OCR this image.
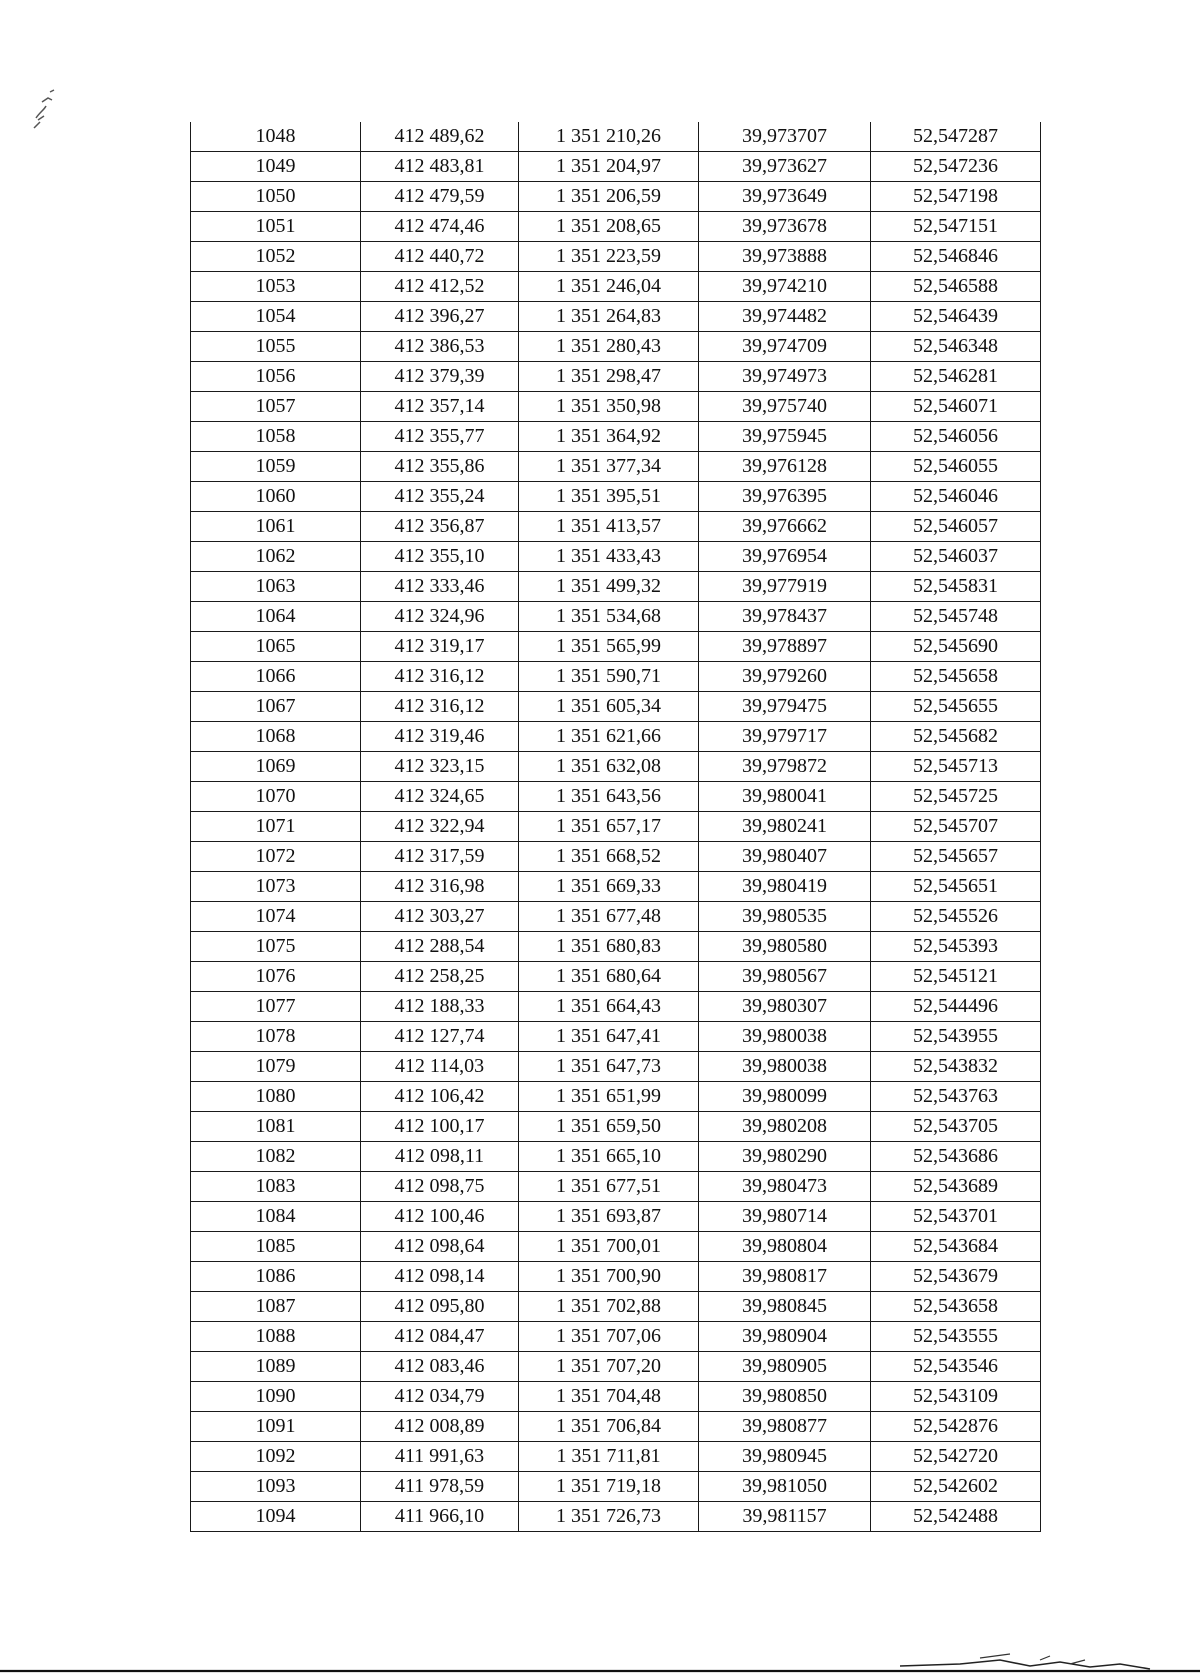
1048	412 489,62	1 351 210,26	39,973707	52,547287
1049	412 483,81	1 351 204,97	39,973627	52,547236
1050	412 479,59	1 351 206,59	39,973649	52,547198
1051	412 474,46	1 351 208,65	39,973678	52,547151
1052	412 440,72	1 351 223,59	39,973888	52,546846
1053	412 412,52	1 351 246,04	39,974210	52,546588
1054	412 396,27	1 351 264,83	39,974482	52,546439
1055	412 386,53	1 351 280,43	39,974709	52,546348
1056	412 379,39	1 351 298,47	39,974973	52,546281
1057	412 357,14	1 351 350,98	39,975740	52,546071
1058	412 355,77	1 351 364,92	39,975945	52,546056
1059	412 355,86	1 351 377,34	39,976128	52,546055
1060	412 355,24	1 351 395,51	39,976395	52,546046
1061	412 356,87	1 351 413,57	39,976662	52,546057
1062	412 355,10	1 351 433,43	39,976954	52,546037
1063	412 333,46	1 351 499,32	39,977919	52,545831
1064	412 324,96	1 351 534,68	39,978437	52,545748
1065	412 319,17	1 351 565,99	39,978897	52,545690
1066	412 316,12	1 351 590,71	39,979260	52,545658
1067	412 316,12	1 351 605,34	39,979475	52,545655
1068	412 319,46	1 351 621,66	39,979717	52,545682
1069	412 323,15	1 351 632,08	39,979872	52,545713
1070	412 324,65	1 351 643,56	39,980041	52,545725
1071	412 322,94	1 351 657,17	39,980241	52,545707
1072	412 317,59	1 351 668,52	39,980407	52,545657
1073	412 316,98	1 351 669,33	39,980419	52,545651
1074	412 303,27	1 351 677,48	39,980535	52,545526
1075	412 288,54	1 351 680,83	39,980580	52,545393
1076	412 258,25	1 351 680,64	39,980567	52,545121
1077	412 188,33	1 351 664,43	39,980307	52,544496
1078	412 127,74	1 351 647,41	39,980038	52,543955
1079	412 114,03	1 351 647,73	39,980038	52,543832
1080	412 106,42	1 351 651,99	39,980099	52,543763
1081	412 100,17	1 351 659,50	39,980208	52,543705
1082	412 098,11	1 351 665,10	39,980290	52,543686
1083	412 098,75	1 351 677,51	39,980473	52,543689
1084	412 100,46	1 351 693,87	39,980714	52,543701
1085	412 098,64	1 351 700,01	39,980804	52,543684
1086	412 098,14	1 351 700,90	39,980817	52,543679
1087	412 095,80	1 351 702,88	39,980845	52,543658
1088	412 084,47	1 351 707,06	39,980904	52,543555
1089	412 083,46	1 351 707,20	39,980905	52,543546
1090	412 034,79	1 351 704,48	39,980850	52,543109
1091	412 008,89	1 351 706,84	39,980877	52,542876
1092	411 991,63	1 351 711,81	39,980945	52,542720
1093	411 978,59	1 351 719,18	39,981050	52,542602
1094	411 966,10	1 351 726,73	39,981157	52,542488
